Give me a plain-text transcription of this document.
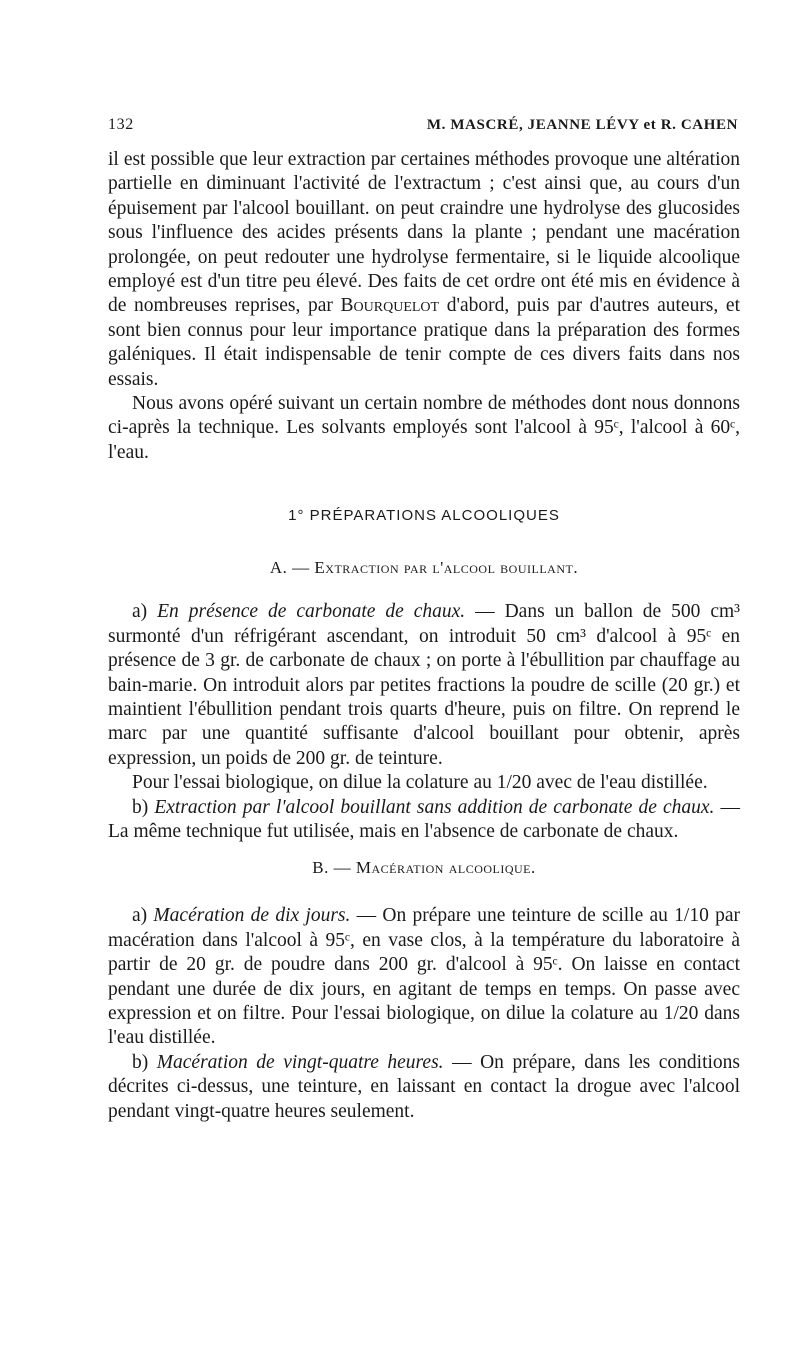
132	M. MASCRÉ, JEANNE LÉVY et R. CAHEN

il est possible que leur extraction par certaines méthodes provoque une altération partielle en diminuant l'activité de l'extractum ; c'est ainsi que, au cours d'un épuisement par l'alcool bouillant. on peut craindre une hydrolyse des glucosides sous l'influence des acides présents dans la plante ; pendant une macération prolongée, on peut redouter une hydrolyse fermentaire, si le liquide alcoolique employé est d'un titre peu élevé. Des faits de cet ordre ont été mis en évidence à de nombreuses reprises, par Bourquelot d'abord, puis par d'autres auteurs, et sont bien connus pour leur importance pratique dans la préparation des formes galéniques. Il était indispensable de tenir compte de ces divers faits dans nos essais.

Nous avons opéré suivant un certain nombre de méthodes dont nous donnons ci-après la technique. Les solvants employés sont l'alcool à 95ᶜ, l'alcool à 60ᶜ, l'eau.

1° PRÉPARATIONS ALCOOLIQUES
A. — Extraction par l'alcool bouillant.

a) En présence de carbonate de chaux. — Dans un ballon de 500 cm³ surmonté d'un réfrigérant ascendant, on introduit 50 cm³ d'alcool à 95ᶜ en présence de 3 gr. de carbonate de chaux ; on porte à l'ébullition par chauffage au bain-marie. On introduit alors par petites fractions la poudre de scille (20 gr.) et maintient l'ébullition pendant trois quarts d'heure, puis on filtre. On reprend le marc par une quantité suffisante d'alcool bouillant pour obtenir, après expression, un poids de 200 gr. de teinture.

Pour l'essai biologique, on dilue la colature au 1/20 avec de l'eau distillée.

b) Extraction par l'alcool bouillant sans addition de carbonate de chaux. — La même technique fut utilisée, mais en l'absence de carbonate de chaux.

B. — Macération alcoolique.

a) Macération de dix jours. — On prépare une teinture de scille au 1/10 par macération dans l'alcool à 95ᶜ, en vase clos, à la température du laboratoire à partir de 20 gr. de poudre dans 200 gr. d'alcool à 95ᶜ. On laisse en contact pendant une durée de dix jours, en agitant de temps en temps. On passe avec expression et on filtre. Pour l'essai biologique, on dilue la colature au 1/20 dans l'eau distillée.

b) Macération de vingt-quatre heures. — On prépare, dans les conditions décrites ci-dessus, une teinture, en laissant en contact la drogue avec l'alcool pendant vingt-quatre heures seulement.
